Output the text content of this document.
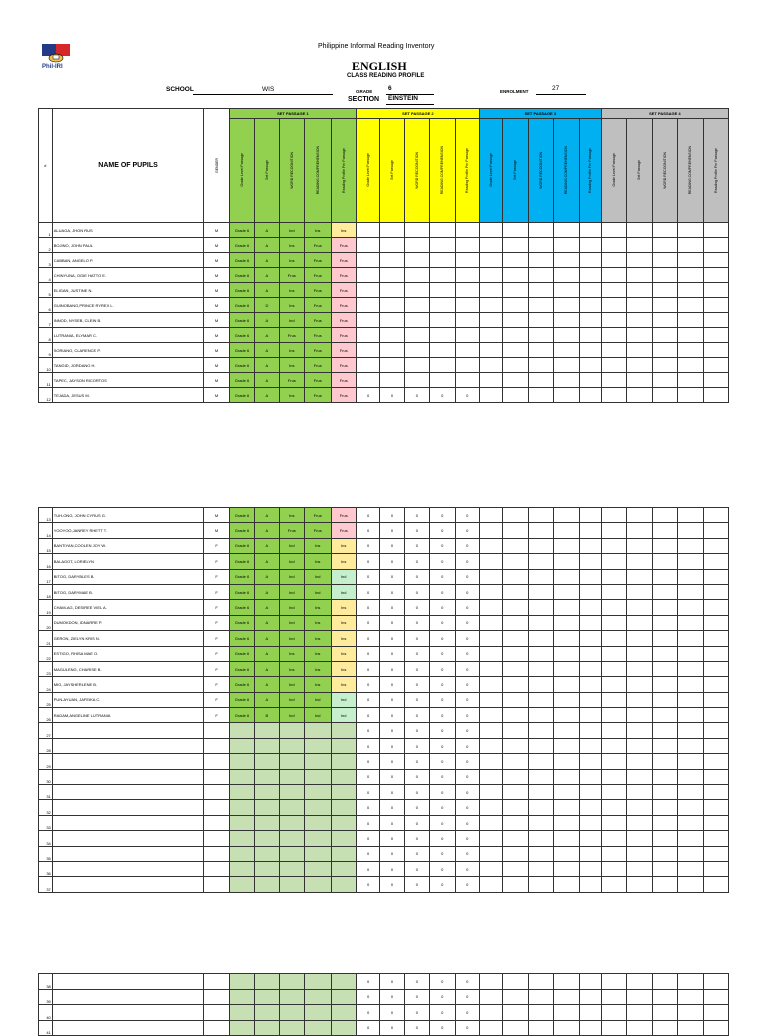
Phil-IRI
Philippine Informal Reading Inventory
ENGLISH
CLASS READING PROFILE
SCHOOL	WIS	GRADE 6
SECTION EINSTEIN
ENROLMENT	27
#	NAME OF PUPILS	GENDER	SET PASSAGE 1					SET PASSAGE 2					SET PASSAGE 3					SET PASSAGE 4				
			Grade Level Passage	Set Passage	WORD RECOGNITION	READING COMPREHENSION	Reading Profile Per Passage	Grade Level Passage	Set Passage	WORD RECOGNITION	READING COMPREHENSION	Reading Profile Per Passage	Grade Level Passage	Set Passage	WORD RECOGNITION	READING COMPREHENSION	Reading Profile Per Passage	Grade Level Passage	Set Passage	WORD RECOGNITION	READING COMPREHENSION	Reading Profile Per Passage
1	ALUAGA, JHON RUS	M	Grade 6	A	Ind	Ins	Ins															
2	BOJINO, JOHN PAUL	M	Grade 6	A	Ins	Frus	Frus															
3	CABBAN, ANGELO P.	M	Grade 6	A	Ins	Frus	Frus															
4	CHINYUNA, OGIE HATTO E.	M	Grade 6	A	Frus	Frus	Frus															
5	ELIGAN, JUSTINE N.	M	Grade 6	A	Ins	Frus	Frus															
6	GUINOBANG,PRINCE RYREX L.	M	Grade 6	D	Ins	Frus	Frus															
7	INNOD, NYSEB, CLEIN B.	M	Grade 6	A	Ind	Frus	Frus															
8	LUTRANIA, ELYMAR C.	M	Grade 6	A	Frus	Frus	Frus															
9	SORIANO, CLARENCE P.	M	Grade 6	A	Ins	Frus	Frus															
10	TANGID, JORDANO H.	M	Grade 6	A	Ins	Frus	Frus															
11	TAPEC, JAYSON RICORTOS	M	Grade 6	A	Frus	Frus	Frus															
12	TEJADA, JESUS M.	M	Grade 6	A	Ins	Frus	Frus	0	0	0	0	0										
13	TUH-ONG, JOHN CYRUS G.	M	Grade 6	A	Ins	Frus	Frus	0	0	0	0	0										
14	YOOYOO,JANREY RHETT T.	M	Grade 6	A	Frus	Frus	Frus	0	0	0	0	0										
15	BANTIYAN,COOLEN JOY W.	F	Grade 6	A	Ind	Ins	Ins	0	0	0	0	0										
16	BALAGOT, LORIELYN	F	Grade 6	A	Ind	Ins	Ins	0	0	0	0	0										
17	BITOG, DARYBLES B.	F	Grade 6	A	Ind	Ind	Ind	0	0	0	0	0										
18	BITOG, DARYMAE B.	F	Grade 6	A	Ind	Ind	Ind	0	0	0	0	0										
19	CHAM-AG, DESIREE VIEL A.	F	Grade 6	A	Ind	Ins	Ins	0	0	0	0	0										
20	DUMOKDON, IDNARRE P.	F	Grade 6	A	Ind	Ins	Ins	0	0	0	0	0										
21	GERON, ZIELYN KRIS N.	F	Grade 6	A	Ind	Ins	Ins	0	0	0	0	0										
22	ESTIGO, RHISA MAE O.	F	Grade 6	A	Ins	Ins	Ins	0	0	0	0	0										
23	MAGULENG, CHARISE B.	F	Grade 6	A	Ins	Ins	Ins	0	0	0	0	0										
24	MIG, JAYSHERLENE B.	F	Grade 6	A	Ind	Ins	Ins	0	0	0	0	0										
25	PUN-AYUAN, JAFEIKA C.	F	Grade 6	A	Ind	Ind	Ind	0	0	0	0	0										
26	RADAM,ANGELINE LUTRANIA	F	Grade 6	B	Ind	Ind	Ind	0	0	0	0	0										
27								0	0	0	0	0										
28								0	0	0	0	0										
29								0	0	0	0	0										
30								0	0	0	0	0										
31								0	0	0	0	0										
32								0	0	0	0	0										
33								0	0	0	0	0										
34								0	0	0	0	0										
35								0	0	0	0	0										
36								0	0	0	0	0										
37								0	0	0	0	0										
38								0	0	0	0	0										
39								0	0	0	0	0										
40								0	0	0	0	0										
41								0	0	0	0	0										
